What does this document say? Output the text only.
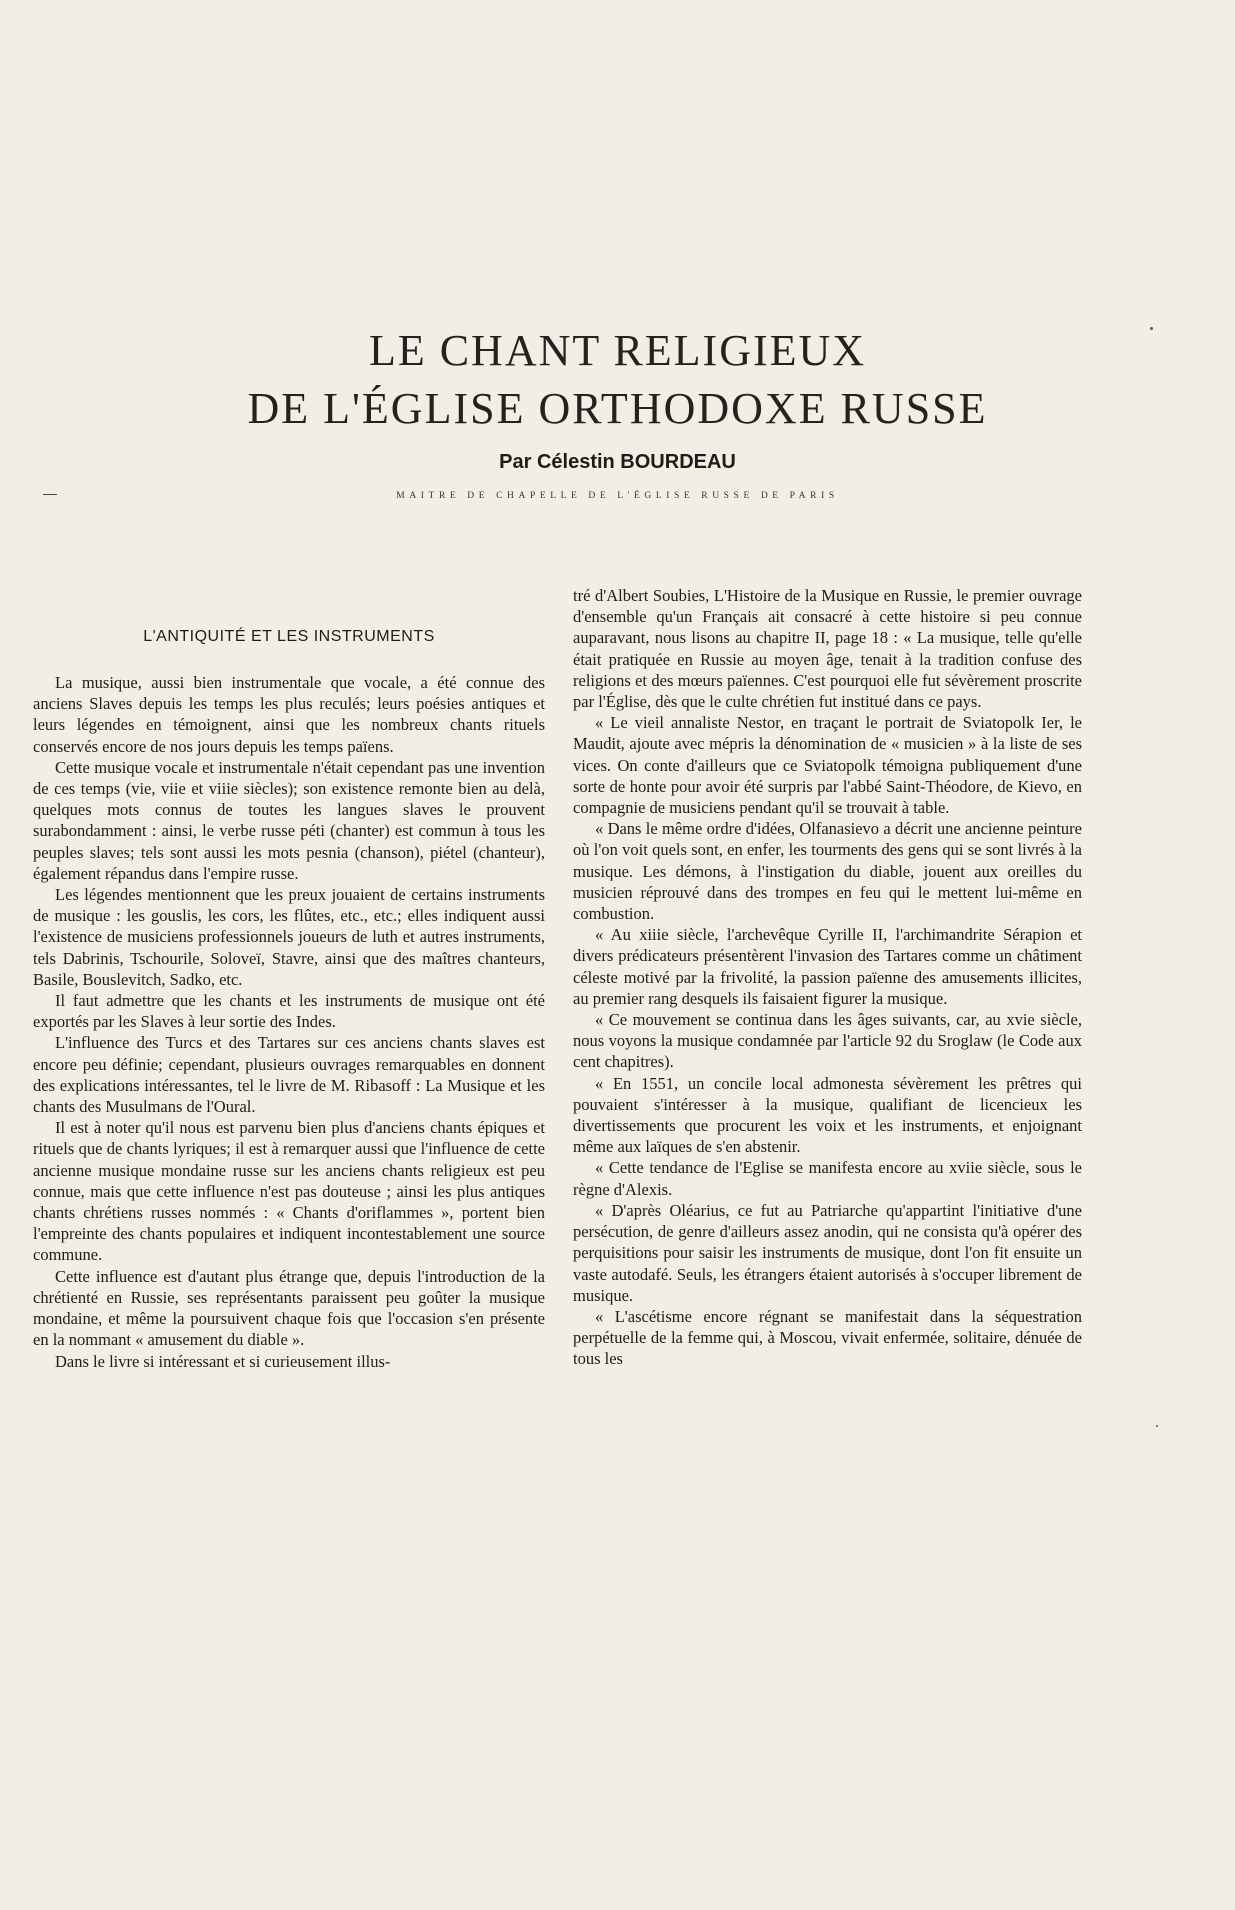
LE CHANT RELIGIEUX
DE L'ÉGLISE ORTHODOXE RUSSE
Par Célestin BOURDEAU
MAITRE DE CHAPELLE DE L'ÉGLISE RUSSE DE PARIS
L'ANTIQUITÉ ET LES INSTRUMENTS

La musique, aussi bien instrumentale que vocale, a été connue des anciens Slaves depuis les temps les plus reculés; leurs poésies antiques et leurs légendes en témoignent, ainsi que les nombreux chants rituels conservés encore de nos jours depuis les temps païens.

Cette musique vocale et instrumentale n'était cependant pas une invention de ces temps (vie, viie et viiie siècles); son existence remonte bien au delà, quelques mots connus de toutes les langues slaves le prouvent surabondamment : ainsi, le verbe russe péti (chanter) est commun à tous les peuples slaves; tels sont aussi les mots pesnia (chanson), piétel (chanteur), également répandus dans l'empire russe.

Les légendes mentionnent que les preux jouaient de certains instruments de musique : les gouslis, les cors, les flûtes, etc., etc.; elles indiquent aussi l'existence de musiciens professionnels joueurs de luth et autres instruments, tels Dabrinis, Tschourile, Soloveï, Stavre, ainsi que des maîtres chanteurs, Basile, Bouslevitch, Sadko, etc.

Il faut admettre que les chants et les instruments de musique ont été exportés par les Slaves à leur sortie des Indes.

L'influence des Turcs et des Tartares sur ces anciens chants slaves est encore peu définie; cependant, plusieurs ouvrages remarquables en donnent des explications intéressantes, tel le livre de M. Ribasoff : La Musique et les chants des Musulmans de l'Oural.

Il est à noter qu'il nous est parvenu bien plus d'anciens chants épiques et rituels que de chants lyriques; il est à remarquer aussi que l'influence de cette ancienne musique mondaine russe sur les anciens chants religieux est peu connue, mais que cette influence n'est pas douteuse ; ainsi les plus antiques chants chrétiens russes nommés : « Chants d'oriflammes », portent bien l'empreinte des chants populaires et indiquent incontestablement une source commune.

Cette influence est d'autant plus étrange que, depuis l'introduction de la chrétienté en Russie, ses représentants paraissent peu goûter la musique mondaine, et même la poursuivent chaque fois que l'occasion s'en présente en la nommant « amusement du diable ».

Dans le livre si intéressant et si curieusement illus-

tré d'Albert Soubies, L'Histoire de la Musique en Russie, le premier ouvrage d'ensemble qu'un Français ait consacré à cette histoire si peu connue auparavant, nous lisons au chapitre II, page 18 : « La musique, telle qu'elle était pratiquée en Russie au moyen âge, tenait à la tradition confuse des religions et des mœurs païennes. C'est pourquoi elle fut sévèrement proscrite par l'Église, dès que le culte chrétien fut institué dans ce pays.

« Le vieil annaliste Nestor, en traçant le portrait de Sviatopolk Ier, le Maudit, ajoute avec mépris la dénomination de « musicien » à la liste de ses vices. On conte d'ailleurs que ce Sviatopolk témoigna publiquement d'une sorte de honte pour avoir été surpris par l'abbé Saint-Théodore, de Kievo, en compagnie de musiciens pendant qu'il se trouvait à table.

« Dans le même ordre d'idées, Olfanasievo a décrit une ancienne peinture où l'on voit quels sont, en enfer, les tourments des gens qui se sont livrés à la musique. Les démons, à l'instigation du diable, jouent aux oreilles du musicien réprouvé dans des trompes en feu qui le mettent lui-même en combustion.

« Au xiiie siècle, l'archevêque Cyrille II, l'archimandrite Sérapion et divers prédicateurs présentèrent l'invasion des Tartares comme un châtiment céleste motivé par la frivolité, la passion païenne des amusements illicites, au premier rang desquels ils faisaient figurer la musique.

« Ce mouvement se continua dans les âges suivants, car, au xvie siècle, nous voyons la musique condamnée par l'article 92 du Sroglaw (le Code aux cent chapitres).

« En 1551, un concile local admonesta sévèrement les prêtres qui pouvaient s'intéresser à la musique, qualifiant de licencieux les divertissements que procurent les voix et les instruments, et enjoignant même aux laïques de s'en abstenir.

« Cette tendance de l'Eglise se manifesta encore au xviie siècle, sous le règne d'Alexis.

« D'après Oléarius, ce fut au Patriarche qu'appartint l'initiative d'une persécution, de genre d'ailleurs assez anodin, qui ne consista qu'à opérer des perquisitions pour saisir les instruments de musique, dont l'on fit ensuite un vaste autodafé. Seuls, les étrangers étaient autorisés à s'occuper librement de musique.

« L'ascétisme encore régnant se manifestait dans la séquestration perpétuelle de la femme qui, à Moscou, vivait enfermée, solitaire, dénuée de tous les
